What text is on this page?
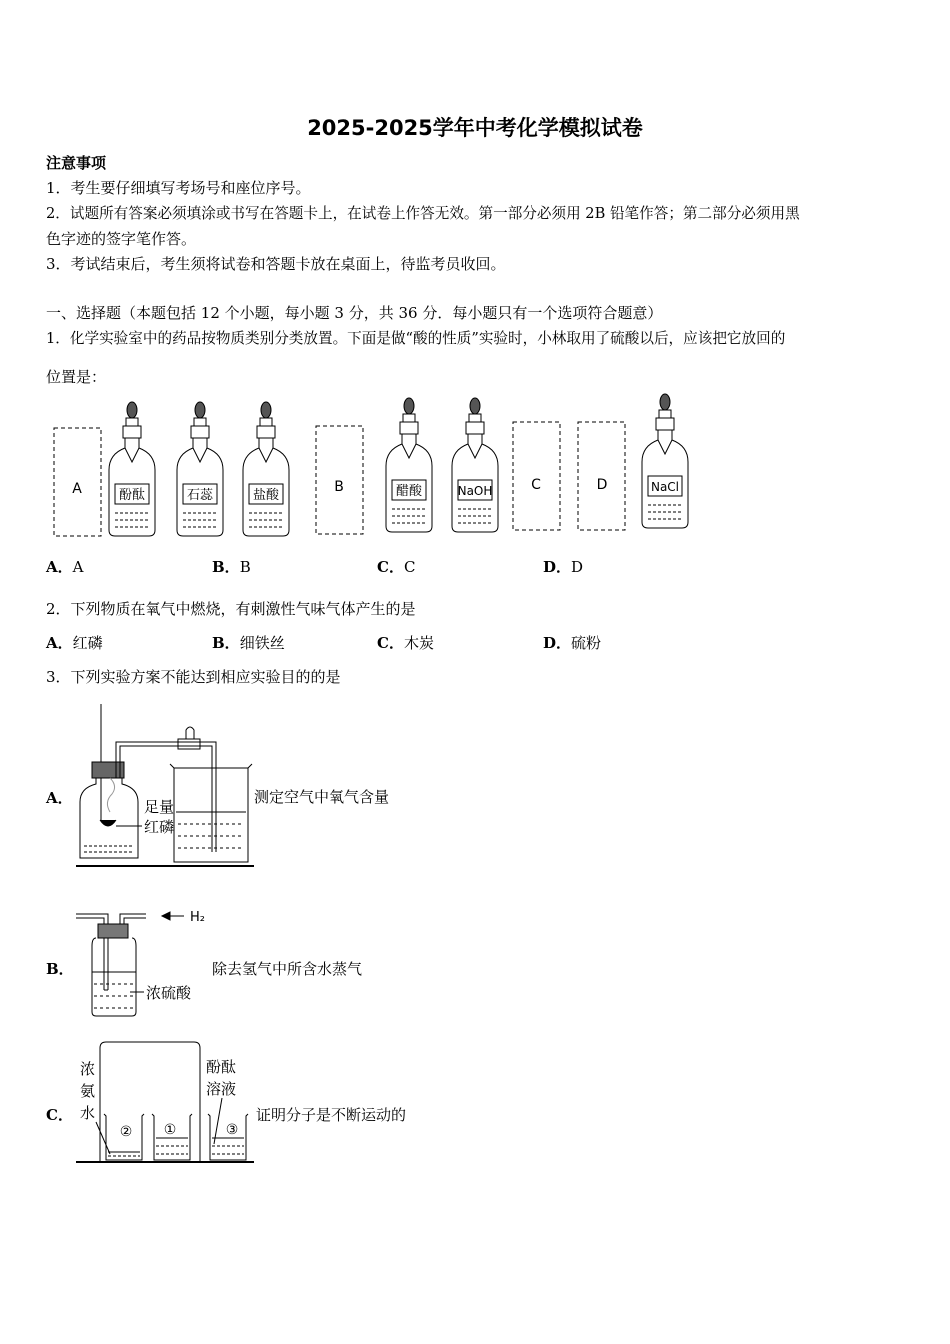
2025-2025学年中考化学模拟试卷
注意事项
1．考生要仔细填写考场号和座位序号。
2．试题所有答案必须填涂或书写在答题卡上，在试卷上作答无效。第一部分必须用 2B 铅笔作答；第二部分必须用黑
色字迹的签字笔作答。
3．考试结束后，考生须将试卷和答题卡放在桌面上，待监考员收回。
一、选择题（本题包括 12 个小题，每小题 3 分，共 36 分．每小题只有一个选项符合题意）
1．化学实验室中的药品按物质类别分类放置。下面是做“酸的性质”实验时，小林取用了硫酸以后，应该把它放回的
位置是：
A	B	C	D
酚酞	石蕊	盐酸	醋酸	NaOH	NaCl
A．A	B．B	C．C	D．D
2．下列物质在氧气中燃烧，有刺激性气味气体产生的是
A．红磷	B．细铁丝	C．木炭	D．硫粉
3．下列实验方案不能达到相应实验目的的是
A．	足量
红磷
测定空气中氧气含量
B．
H₂
浓硫酸
除去氢气中所含水蒸气
C．
浓
氨
水
酚酞
溶液
② ①	③
证明分子是不断运动的
